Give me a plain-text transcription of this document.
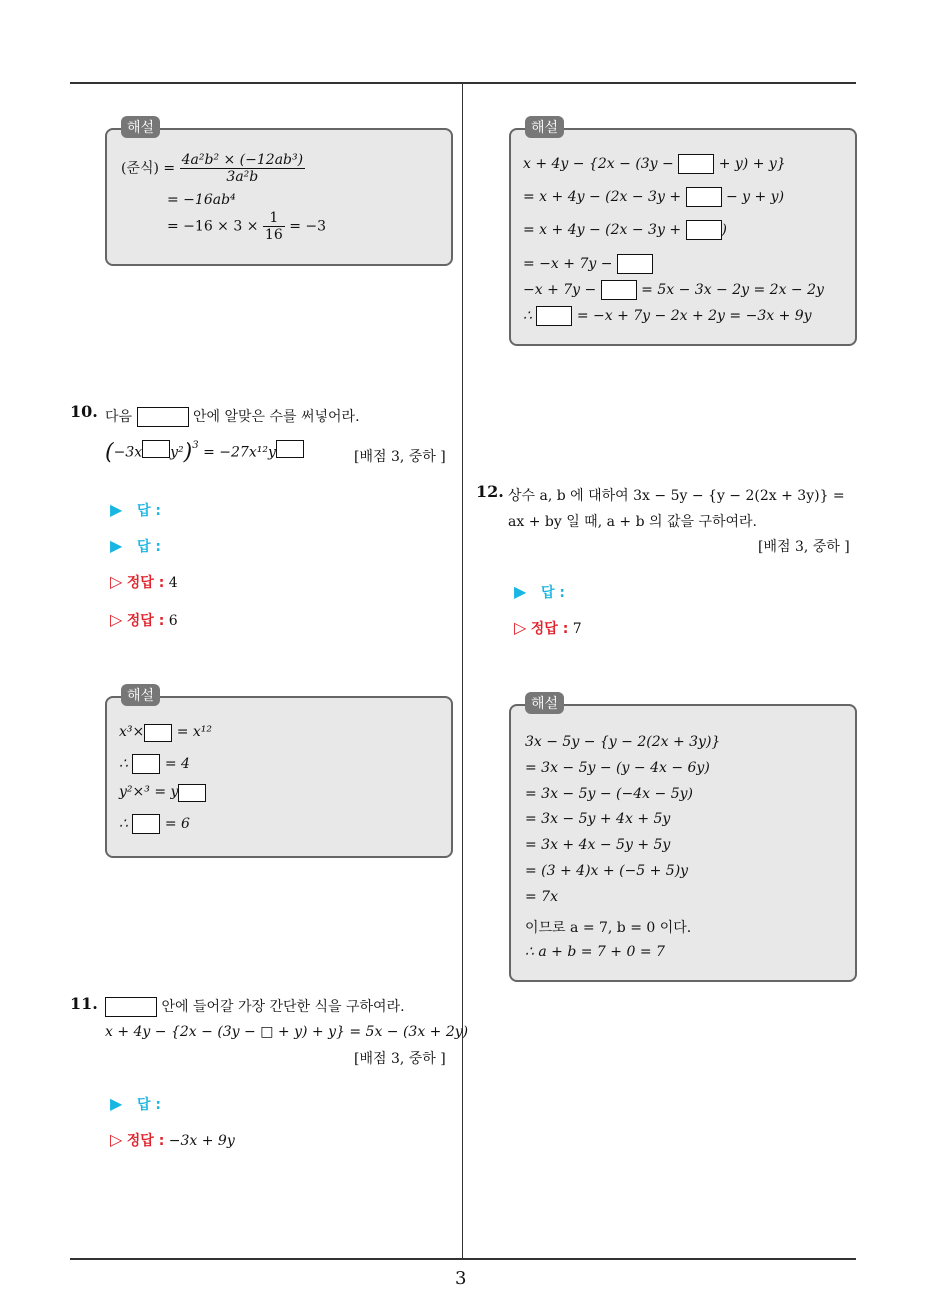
3
해설
(준식) = $\frac{\text{4a²b² × (−12ab³)}}{\text{3a²b}}$
= −16ab⁴
= $-16 \times 3 \times \frac{1}{16} = -3$
10. 다음	안에 알맞은 수를 써넣어라.
(−3x y²)$^3$ = −27x¹²y	[배점 3, 중하 ]
▶ 답 :
▶ 답 :
▷ 정답 : 4
▷ 정답 : 6
해설
x³× = x¹²
∴	= 4
y²×³ = y
∴	= 6
11.	안에 들어갈 가장 간단한 식을 구하여라.
x + 4y − {2x − (3y − □ + y) + y} = 5x − (3x + 2y)
[배점 3, 중하 ]
▶ 답 :
▷ 정답 : −3x + 9y
해설
x + 4y − {2x − (3y −	+ y) + y}
= x + 4y − (2x − 3y +	− y + y)
= x + 4y − (2x − 3y +	)
= −x + 7y −
−x + 7y −	= 5x − 3x − 2y = 2x − 2y
∴	= −x + 7y − 2x + 2y = −3x + 9y
12. 상수 a, b 에 대하여 3x − 5y − {y − 2(2x + 3y)} =
ax + by 일 때, a + b 의 값을 구하여라.
[배점 3, 중하 ]
▶ 답 :
▷ 정답 : 7
해설
3x − 5y − {y − 2(2x + 3y)}
= 3x − 5y − (y − 4x − 6y)
= 3x − 5y − (−4x − 5y)
= 3x − 5y + 4x + 5y
= 3x + 4x − 5y + 5y
= (3 + 4)x + (−5 + 5)y
= 7x
이므로 a = 7, b = 0 이다.
∴ a + b = 7 + 0 = 7
